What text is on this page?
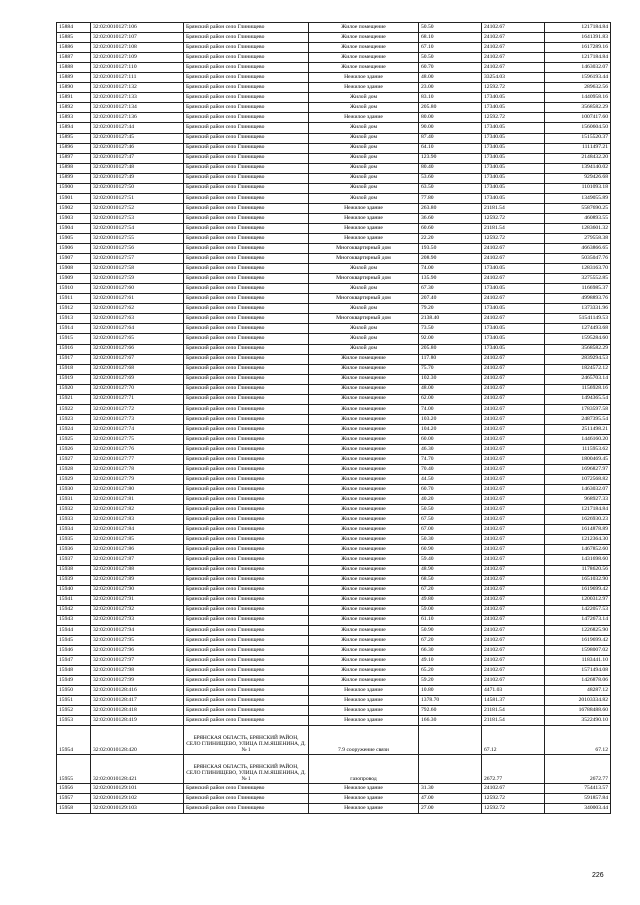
15884	32:02:0010127:106	Брянский район село Глинищево	Жилое помещение	50.50	24102.67	1217184.84
15885	32:02:0010127:107	Брянский район село Глинищево	Жилое помещение	68.10	24102.67	1641391.83
15886	32:02:0010127:108	Брянский район село Глинищево	Жилое помещение	67.10	24102.67	1617289.16
15887	32:02:0010127:109	Брянский район село Глинищево	Жилое помещение	50.50	24102.67	1217184.84
15888	32:02:0010127:110	Брянский район село Глинищево	Жилое помещение	60.70	24102.67	1463032.07
15889	32:02:0010127:111	Брянский район село Глинищево	Нежилое здание	48.00	33254.03	1596193.44
15890	32:02:0010127:132	Брянский район село Глинищево	Нежилое здание	23.00	12592.72	289632.56
15891	32:02:0010127:133	Брянский район село Глинищево	Жилой дом	83.10	17340.05	1440958.16
15892	32:02:0010127:134	Брянский район село Глинищево	Жилой дом	205.80	17340.05	3568582.29
15893	32:02:0010127:136	Брянский район село Глинищево	Нежилое здание	80.00	12592.72	1007417.60
15894	32:02:0010127:44	Брянский район село Глинищево	Жилой дом	90.00	17340.05	1560604.50
15895	32:02:0010127:45	Брянский район село Глинищево	Жилой дом	87.40	17340.05	1515520.37
15896	32:02:0010127:46	Брянский район село Глинищево	Жилой дом	64.10	17340.05	1111497.21
15897	32:02:0010127:47	Брянский район село Глинищево	Жилой дом	123.90	17340.05	2148432.20
15898	32:02:0010127:48	Брянский район село Глинищево	Жилой дом	80.40	17340.05	1394140.02
15899	32:02:0010127:49	Брянский район село Глинищево	Жилой дом	53.60	17340.05	929426.68
15900	32:02:0010127:50	Брянский район село Глинищево	Жилой дом	63.50	17340.05	1101093.18
15901	32:02:0010127:51	Брянский район село Глинищево	Жилой дом	77.80	17340.05	1349055.89
15902	32:02:0010127:52	Брянский район село Глинищево	Нежилое здание	263.80	21181.54	5587690.25
15903	32:02:0010127:53	Брянский район село Глинищево	Нежилое здание	36.60	12592.72	460893.55
15904	32:02:0010127:54	Брянский район село Глинищево	Нежилое здание	60.60	21181.54	1283601.32
15905	32:02:0010127:55	Брянский район село Глинищево	Нежилое здание	22.20	12592.72	279558.38
15906	32:02:0010127:56	Брянский район село Глинищево	Многоквартирный дом	193.50	24102.67	4663866.65
15907	32:02:0010127:57	Брянский район село Глинищево	Многоквартирный дом	208.90	24102.67	5035047.76
15908	32:02:0010127:58	Брянский район село Глинищево	Жилой дом	74.00	17340.05	1283163.70
15909	32:02:0010127:59	Брянский район село Глинищево	Многоквартирный дом	135.90	24102.67	3275552.85
15910	32:02:0010127:60	Брянский район село Глинищево	Жилой дом	67.30	17340.05	1166985.37
15911	32:02:0010127:61	Брянский район село Глинищево	Многоквартирный дом	207.40	24102.67	4998893.76
15912	32:02:0010127:62	Брянский район село Глинищево	Жилой дом	79.20	17340.05	1373331.96
15913	32:02:0010127:63	Брянский район село Глинищево	Многоквартирный дом	2138.40	24102.67	51541149.53
15914	32:02:0010127:64	Брянский район село Глинищево	Жилой дом	73.50	17340.05	1274493.68
15915	32:02:0010127:65	Брянский район село Глинищево	Жилой дом	92.00	17340.05	1595284.60
15916	32:02:0010127:66	Брянский район село Глинищево	Жилой дом	205.80	17340.05	3568582.29
15917	32:02:0010127:67	Брянский район село Глинищево	Жилое помещение	117.80	24102.67	2839294.53
15918	32:02:0010127:68	Брянский район село Глинищево	Жилое помещение	75.70	24102.67	1824572.12
15919	32:02:0010127:69	Брянский район село Глинищево	Жилое помещение	102.30	24102.67	2465703.14
15920	32:02:0010127:70	Брянский район село Глинищево	Жилое помещение	48.00	24102.67	1156928.16
15921	32:02:0010127:71	Брянский район село Глинищево	Жилое помещение	62.00	24102.67	1494365.54
15922	32:02:0010127:72	Брянский район село Глинищево	Жилое помещение	74.00	24102.67	1783597.58
15923	32:02:0010127:73	Брянский район село Глинищево	Жилое помещение	103.20	24102.67	2487395.54
15924	32:02:0010127:74	Брянский район село Глинищево	Жилое помещение	104.20	24102.67	2511498.21
15925	32:02:0010127:75	Брянский район село Глинищево	Жилое помещение	60.00	24102.67	1446160.20
15926	32:02:0010127:76	Брянский район село Глинищево	Жилое помещение	46.30	24102.67	1115953.62
15927	32:02:0010127:77	Брянский район село Глинищево	Жилое помещение	74.70	24102.67	1800469.45
15928	32:02:0010127:78	Брянский район село Глинищево	Жилое помещение	70.40	24102.67	1696827.97
15929	32:02:0010127:79	Брянский район село Глинищево	Жилое помещение	44.50	24102.67	1072568.82
15930	32:02:0010127:80	Брянский район село Глинищево	Жилое помещение	60.70	24102.67	1463032.07
15931	32:02:0010127:81	Брянский район село Глинищево	Жилое помещение	40.20	24102.67	968927.33
15932	32:02:0010127:82	Брянский район село Глинищево	Жилое помещение	50.50	24102.67	1217184.84
15933	32:02:0010127:83	Брянский район село Глинищево	Жилое помещение	67.50	24102.67	1626930.23
15934	32:02:0010127:84	Брянский район село Глинищево	Жилое помещение	67.00	24102.67	1614878.89
15935	32:02:0010127:85	Брянский район село Глинищево	Жилое помещение	50.30	24102.67	1212364.30
15936	32:02:0010127:86	Брянский район село Глинищево	Жилое помещение	60.90	24102.67	1467852.60
15937	32:02:0010127:87	Брянский район село Глинищево	Жилое помещение	59.40	24102.67	1431698.60
15938	32:02:0010127:88	Брянский район село Глинищево	Жилое помещение	48.90	24102.67	1178620.56
15939	32:02:0010127:89	Брянский район село Глинищево	Жилое помещение	68.50	24102.67	1651032.90
15940	32:02:0010127:90	Брянский район село Глинищево	Жилое помещение	67.20	24102.67	1619699.42
15941	32:02:0010127:91	Брянский район село Глинищево	Жилое помещение	49.80	24102.67	1200312.97
15942	32:02:0010127:92	Брянский район село Глинищево	Жилое помещение	59.00	24102.67	1422057.53
15943	32:02:0010127:93	Брянский район село Глинищево	Жилое помещение	61.10	24102.67	1472673.14
15944	32:02:0010127:94	Брянский район село Глинищево	Жилое помещение	50.90	24102.67	1226825.90
15945	32:02:0010127:95	Брянский район село Глинищево	Жилое помещение	67.20	24102.67	1619699.42
15946	32:02:0010127:96	Брянский район село Глинищево	Жилое помещение	66.30	24102.67	1598007.02
15947	32:02:0010127:97	Брянский район село Глинищево	Жилое помещение	49.10	24102.67	1183441.10
15948	32:02:0010127:98	Брянский район село Глинищево	Жилое помещение	65.20	24102.67	1571494.08
15949	32:02:0010127:99	Брянский район село Глинищево	Жилое помещение	59.20	24102.67	1426878.06
15950	32:02:0010128:416	Брянский район село Глинищево	Нежилое здание	10.80	4471.03	48287.12
15951	32:02:0010128:417	Брянский район село Глинищево	Нежилое здание	1378.70	14581.37	20103334.82
15952	32:02:0010128:418	Брянский район село Глинищево	Нежилое здание	792.60	21181.54	16788488.60
15953	32:02:0010128:419	Брянский район село Глинищево	Нежилое здание	166.30	21181.54	3522490.10
15954	32:02:0010128:420	БРЯНСКАЯ ОБЛАСТЬ, БРЯНСКИЙ РАЙОН, СЕЛО ГЛИНИЩЕВО, УЛИЦА П.М.ЯШЕНИНА, Д. № 1	7.9 сооружение связи		67.12	67.12
15955	32:02:0010128:421	БРЯНСКАЯ ОБЛАСТЬ, БРЯНСКИЙ РАЙОН, СЕЛО ГЛИНИЩЕВО, УЛИЦА П.М.ЯШЕНИНА, Д. № 1	газопровод		2672.77	2672.77
15956	32:02:0010129:101	Брянский район село Глинищево	Нежилое здание	31.30	24102.67	754413.57
15957	32:02:0010129:102	Брянский район село Глинищево	Нежилое здание	47.00	12592.72	591857.84
15958	32:02:0010129:103	Брянский район село Глинищево	Нежилое здание	27.00	12592.72	340003.44
226
